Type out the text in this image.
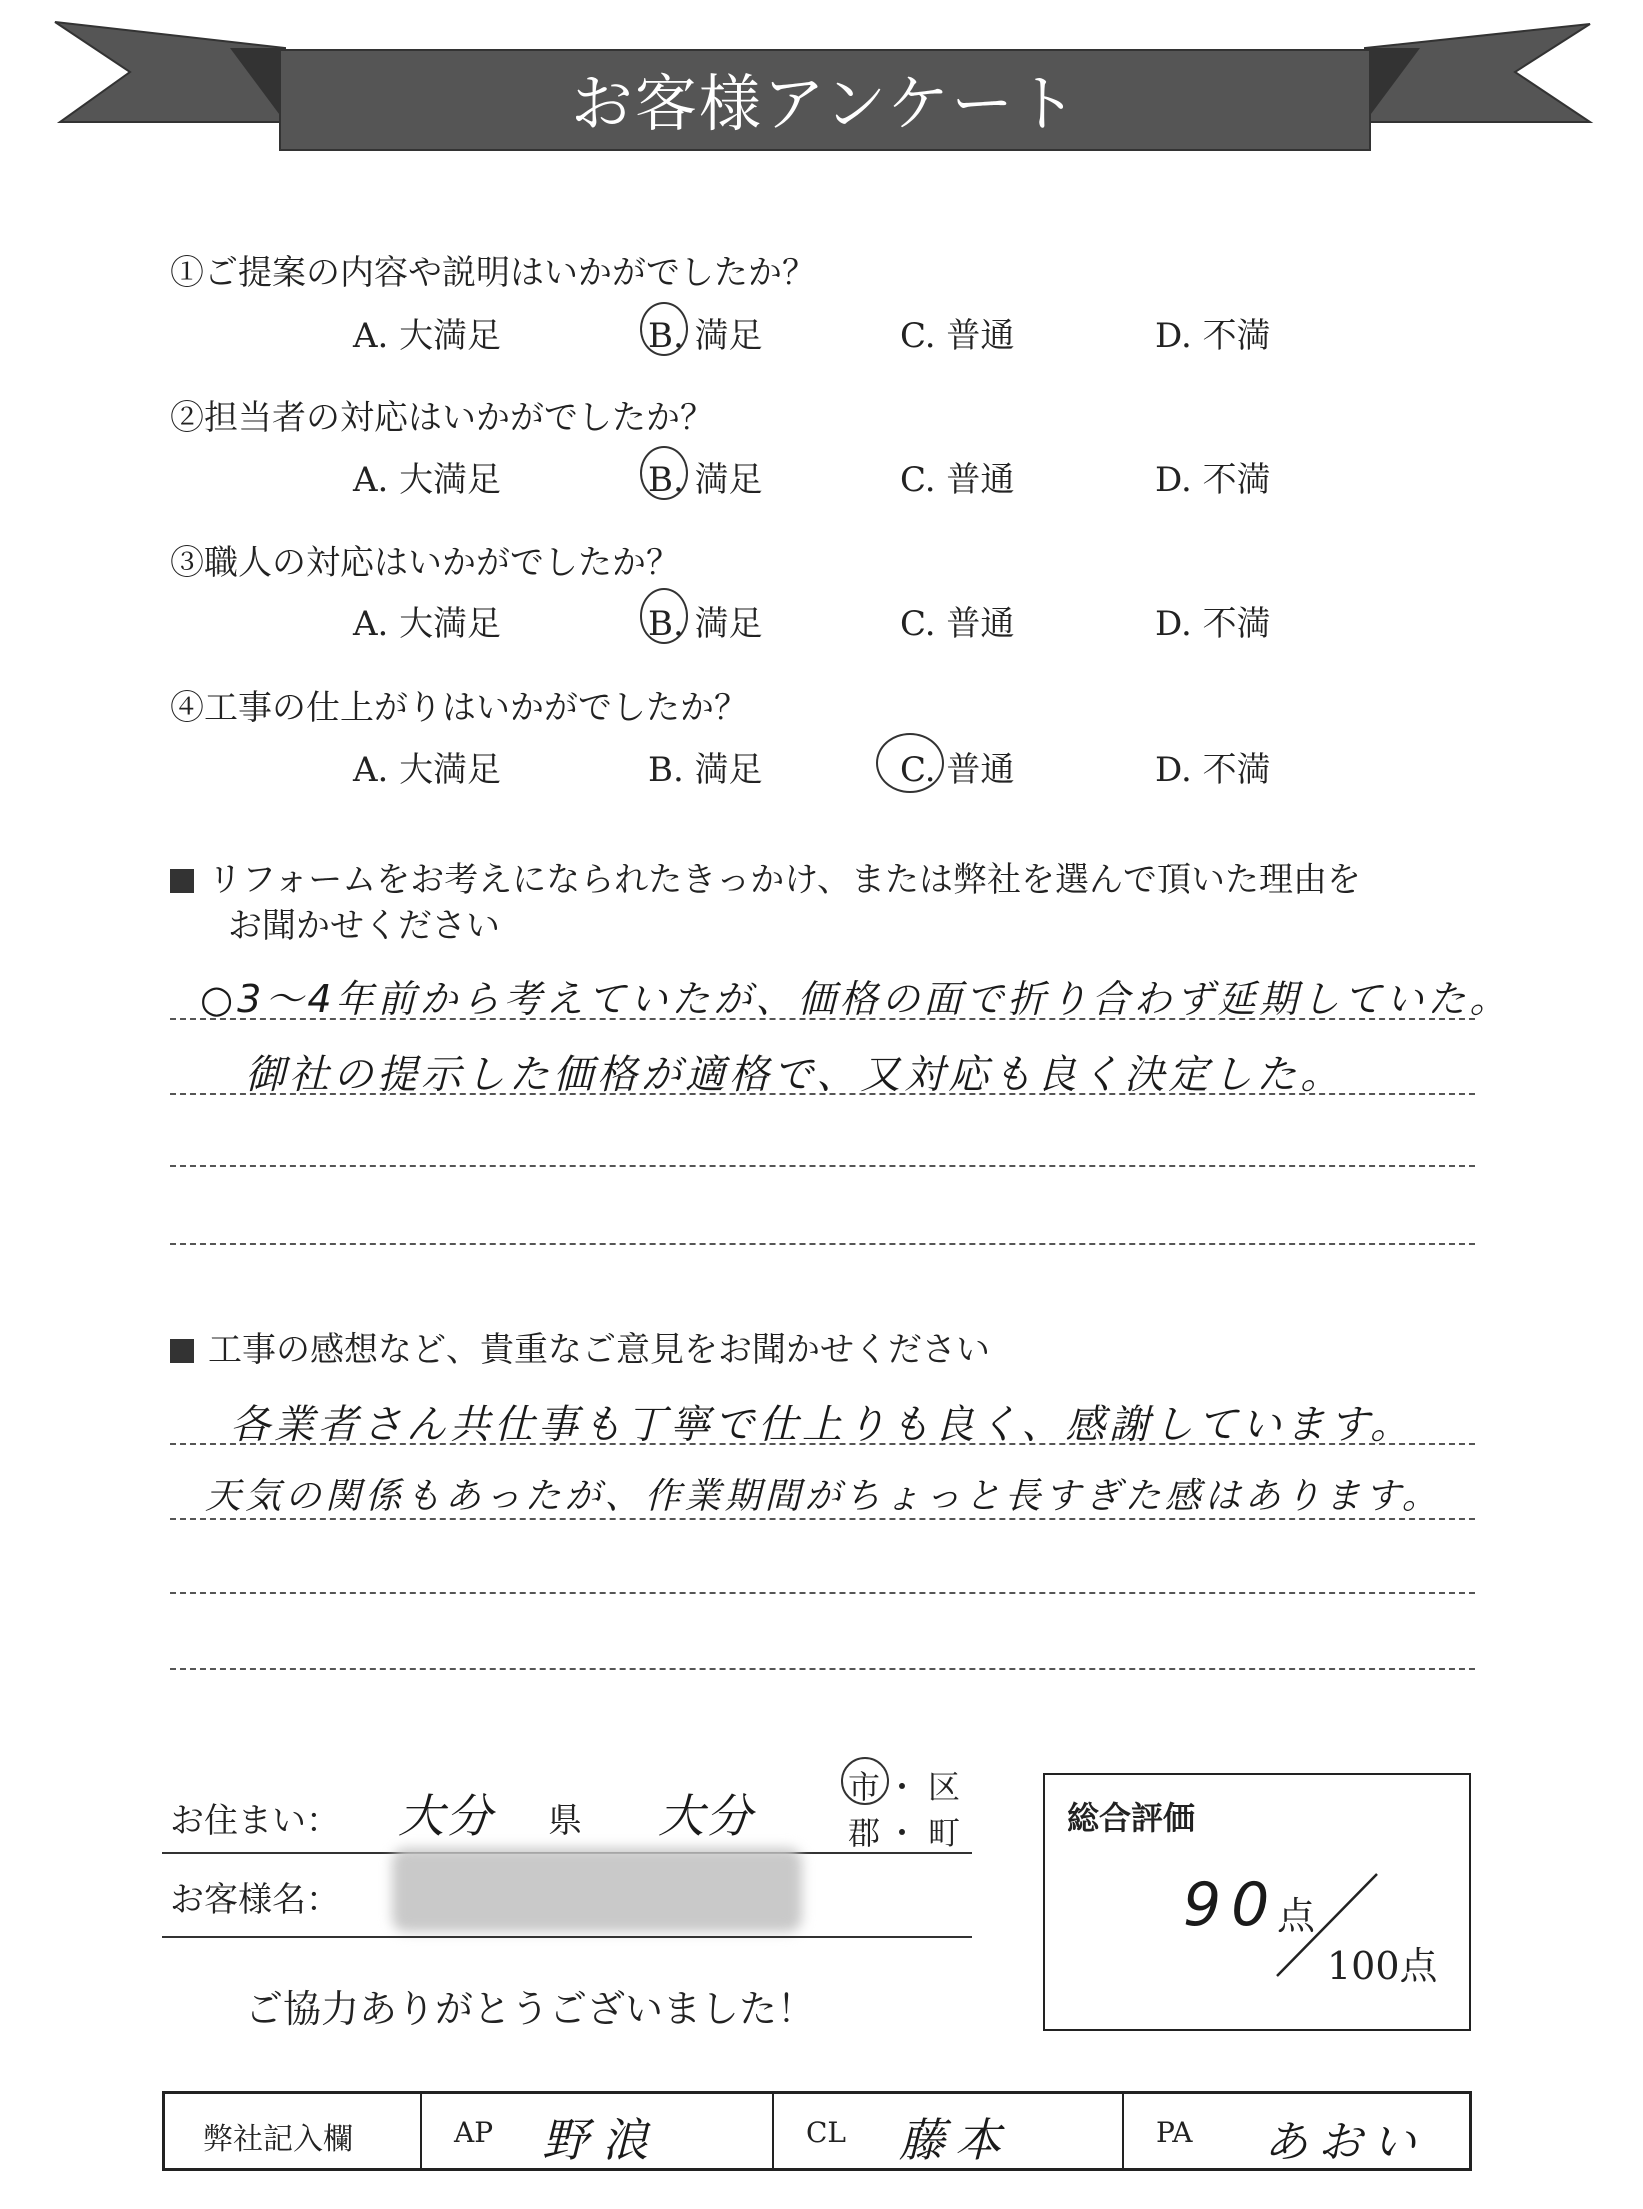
お客様アンケート
①ご提案の内容や説明はいかがでしたか？
A. 大満足	B. 満足	C. 普通	D. 不満
②担当者の対応はいかがでしたか？
A. 大満足	B. 満足	C. 普通	D. 不満
③職人の対応はいかがでしたか？
A. 大満足	B. 満足	C. 普通	D. 不満
④工事の仕上がりはいかがでしたか？
A. 大満足	B. 満足	C. 普通	D. 不満
リフォームをお考えになられたきっかけ、または弊社を選んで頂いた理由を
お聞かせください
○3～4年前から考えていたが、価格の面で折り合わず延期していた。
御社の提示した価格が適格で、又対応も良く決定した。
工事の感想など、貴重なご意見をお聞かせください
各業者さん共仕事も丁寧で仕上りも良く、感謝しています。
天気の関係もあったが、作業期間がちょっと長すぎた感はあります。
お住まい： 大分 県 大分
市 ・ 区
郡 ・ 町
お客様名：
ご協力ありがとうございました！
総合評価
90
点
100点
弊社記入欄	AP 野浪	CL 藤本	PA あおい
